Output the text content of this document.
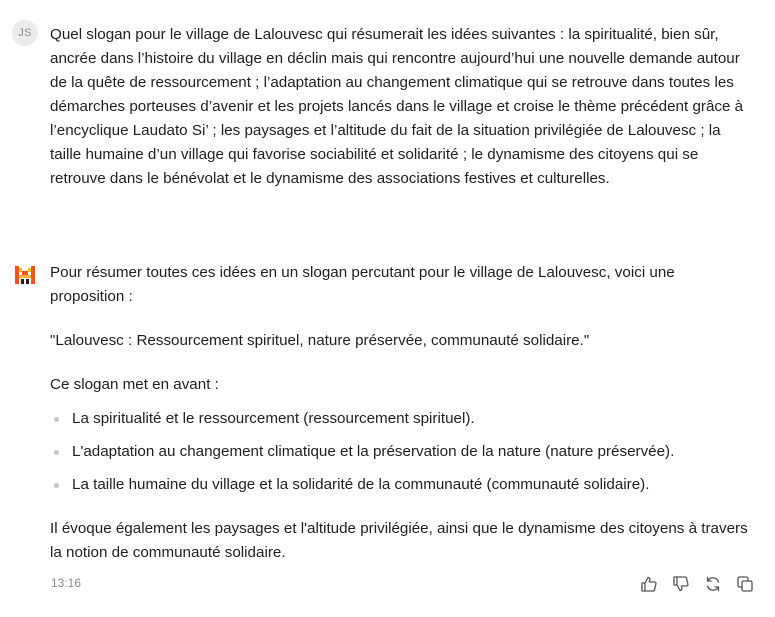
JS	Quel slogan pour le village de Lalouvesc qui résumerait les idées suivantes : la spiritualité, bien sûr, ancrée dans l’histoire du village en déclin mais qui rencontre aujourd’hui une nouvelle demande autour de la quête de ressourcement ; l’adaptation au changement climatique qui se retrouve dans toutes les démarches porteuses d’avenir et les projets lancés dans le village et croise le thème précédent grâce à l’encyclique Laudato Si’ ; les paysages et l’altitude du fait de la situation privilégiée de Lalouvesc ; la taille humaine d’un village qui favorise sociabilité et solidarité ; le dynamisme des citoyens qui se retrouve dans le bénévolat et le dynamisme des associations festives et culturelles.

Pour résumer toutes ces idées en un slogan percutant pour le village de Lalouvesc, voici une proposition :

"Lalouvesc : Ressourcement spirituel, nature préservée, communauté solidaire."

Ce slogan met en avant :

La spiritualité et le ressourcement (ressourcement spirituel).
L'adaptation au changement climatique et la préservation de la nature (nature préservée).
La taille humaine du village et la solidarité de la communauté (communauté solidaire).

Il évoque également les paysages et l'altitude privilégiée, ainsi que le dynamisme des citoyens à travers la notion de communauté solidaire.

13:16
